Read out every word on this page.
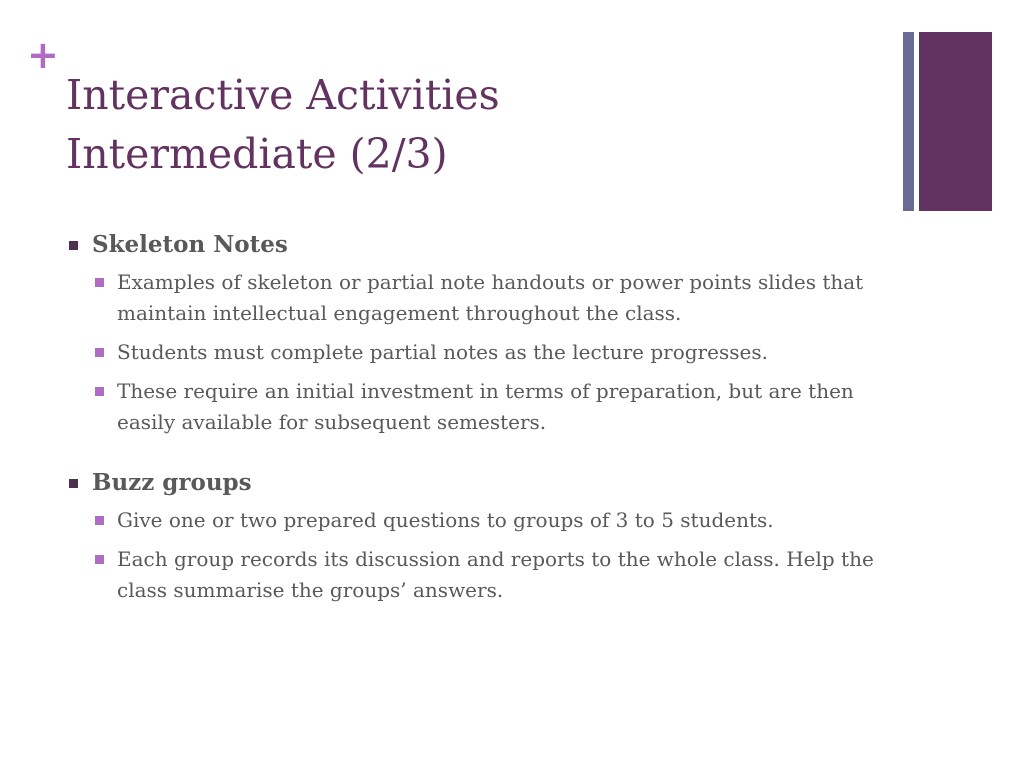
+
Interactive Activities
Intermediate (2/3)
Skeleton Notes
Examples of skeleton or partial note handouts or power points slides that maintain intellectual engagement throughout the class.
Students must complete partial notes as the lecture progresses.
These require an initial investment in terms of preparation, but are then easily available for subsequent semesters.
Buzz groups
Give one or two prepared questions to groups of 3 to 5 students.
Each group records its discussion and reports to the whole class. Help the class summarise the groups’ answers.
